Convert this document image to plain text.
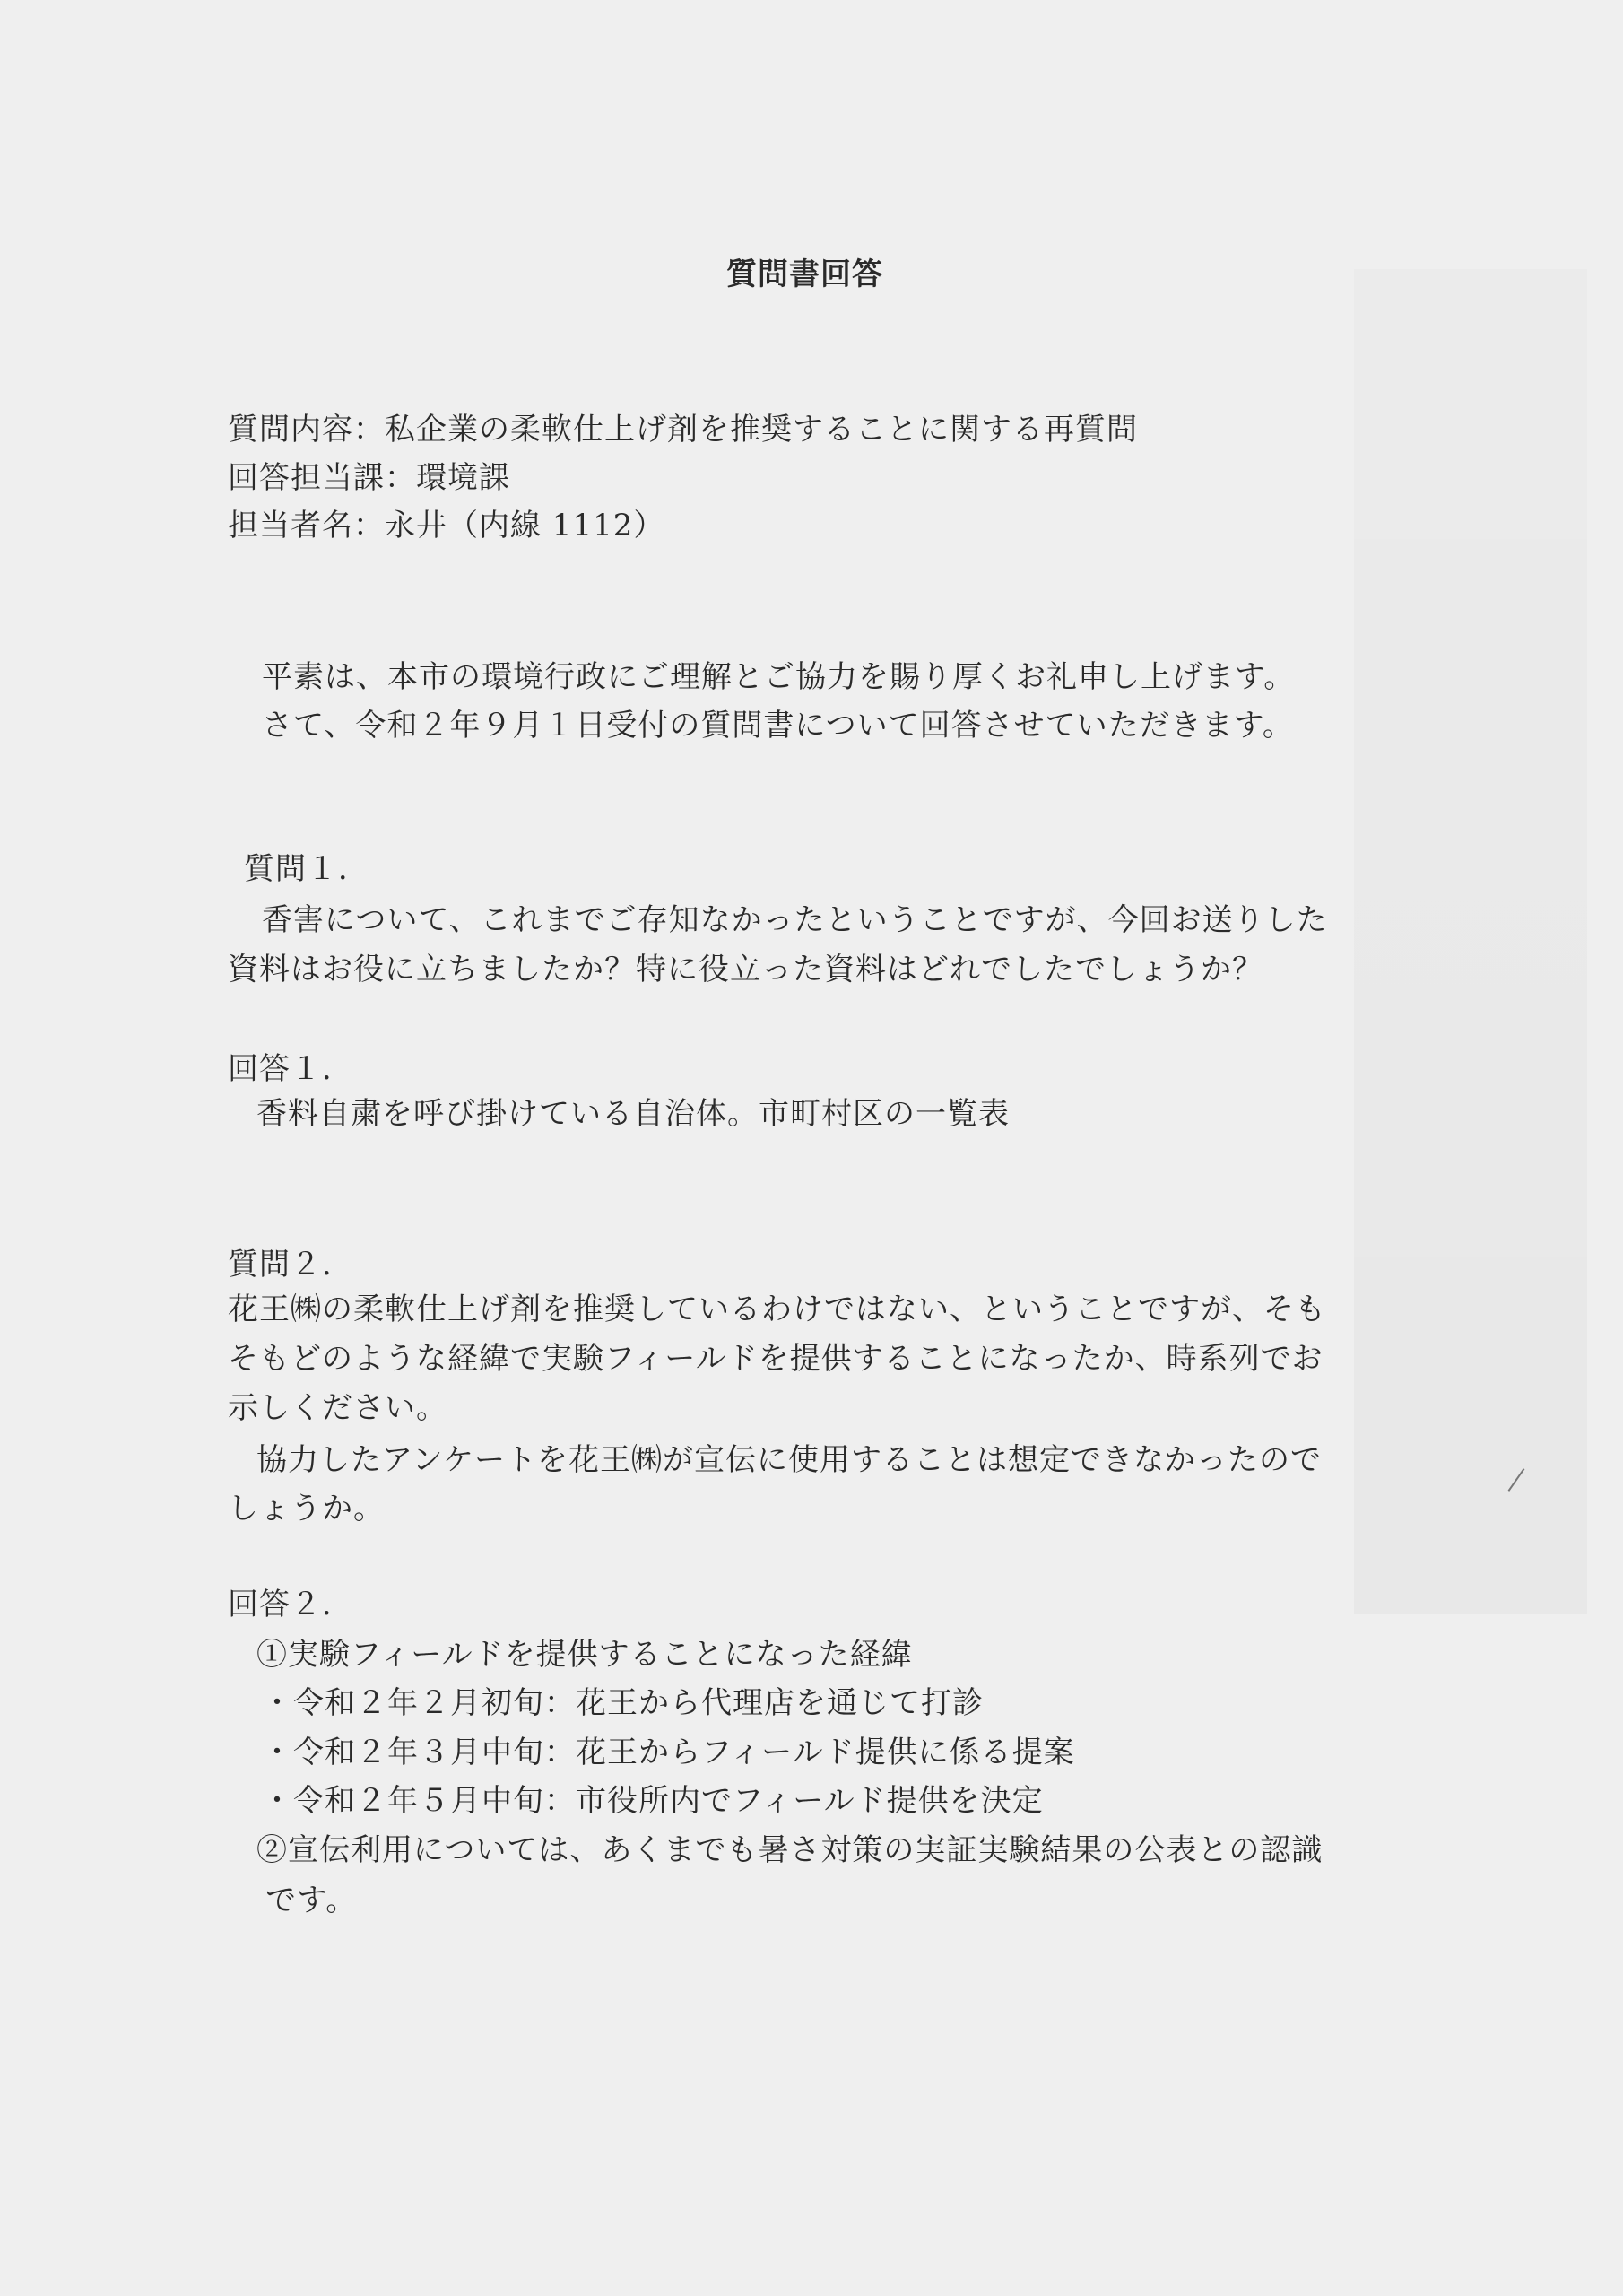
質問書回答
質問内容：私企業の柔軟仕上げ剤を推奨することに関する再質問
回答担当課：環境課
担当者名：永井（内線 1112）
平素は、本市の環境行政にご理解とご協力を賜り厚くお礼申し上げます。
さて、令和２年９月１日受付の質問書について回答させていただきます。
質問１．
香害について、これまでご存知なかったということですが、今回お送りした
資料はお役に立ちましたか？特に役立った資料はどれでしたでしょうか？
回答１．
香料自粛を呼び掛けている自治体。市町村区の一覧表
質問２．
花王㈱の柔軟仕上げ剤を推奨しているわけではない、ということですが、そも
そもどのような経緯で実験フィールドを提供することになったか、時系列でお
示しください。
協力したアンケートを花王㈱が宣伝に使用することは想定できなかったので
しょうか。
回答２．
①実験フィールドを提供することになった経緯
・令和２年２月初旬：花王から代理店を通じて打診
・令和２年３月中旬：花王からフィールド提供に係る提案
・令和２年５月中旬：市役所内でフィールド提供を決定
②宣伝利用については、あくまでも暑さ対策の実証実験結果の公表との認識
です。
